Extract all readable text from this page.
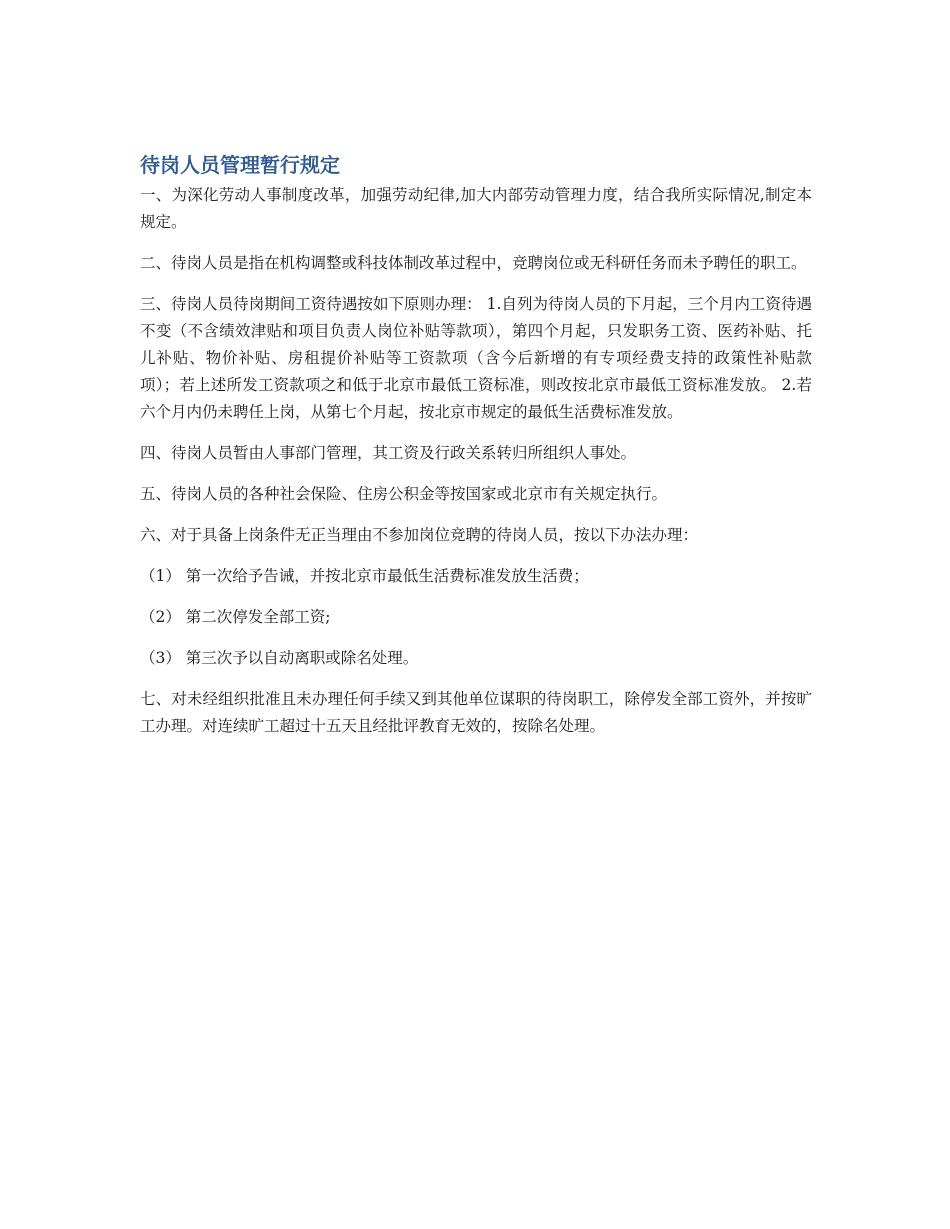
待岗人员管理暂行规定

一、为深化劳动人事制度改革，加强劳动纪律,加大内部劳动管理力度，结合我所实际情况,制定本规定。

二、待岗人员是指在机构调整或科技体制改革过程中，竞聘岗位或无科研任务而未予聘任的职工。

三、待岗人员待岗期间工资待遇按如下原则办理： 1.自列为待岗人员的下月起，三个月内工资待遇不变（不含绩效津贴和项目负责人岗位补贴等款项），第四个月起，只发职务工资、医药补贴、托儿补贴、物价补贴、房租提价补贴等工资款项（含今后新增的有专项经费支持的政策性补贴款项）；若上述所发工资款项之和低于北京市最低工资标准，则改按北京市最低工资标准发放。 2.若六个月内仍未聘任上岗，从第七个月起，按北京市规定的最低生活费标准发放。

四、待岗人员暂由人事部门管理，其工资及行政关系转归所组织人事处。

五、待岗人员的各种社会保险、住房公积金等按国家或北京市有关规定执行。

六、对于具备上岗条件无正当理由不参加岗位竞聘的待岗人员，按以下办法办理：

（1） 第一次给予告诫，并按北京市最低生活费标准发放生活费；

（2） 第二次停发全部工资;

（3） 第三次予以自动离职或除名处理。

七、对未经组织批准且未办理任何手续又到其他单位谋职的待岗职工，除停发全部工资外，并按旷工办理。对连续旷工超过十五天且经批评教育无效的，按除名处理。
